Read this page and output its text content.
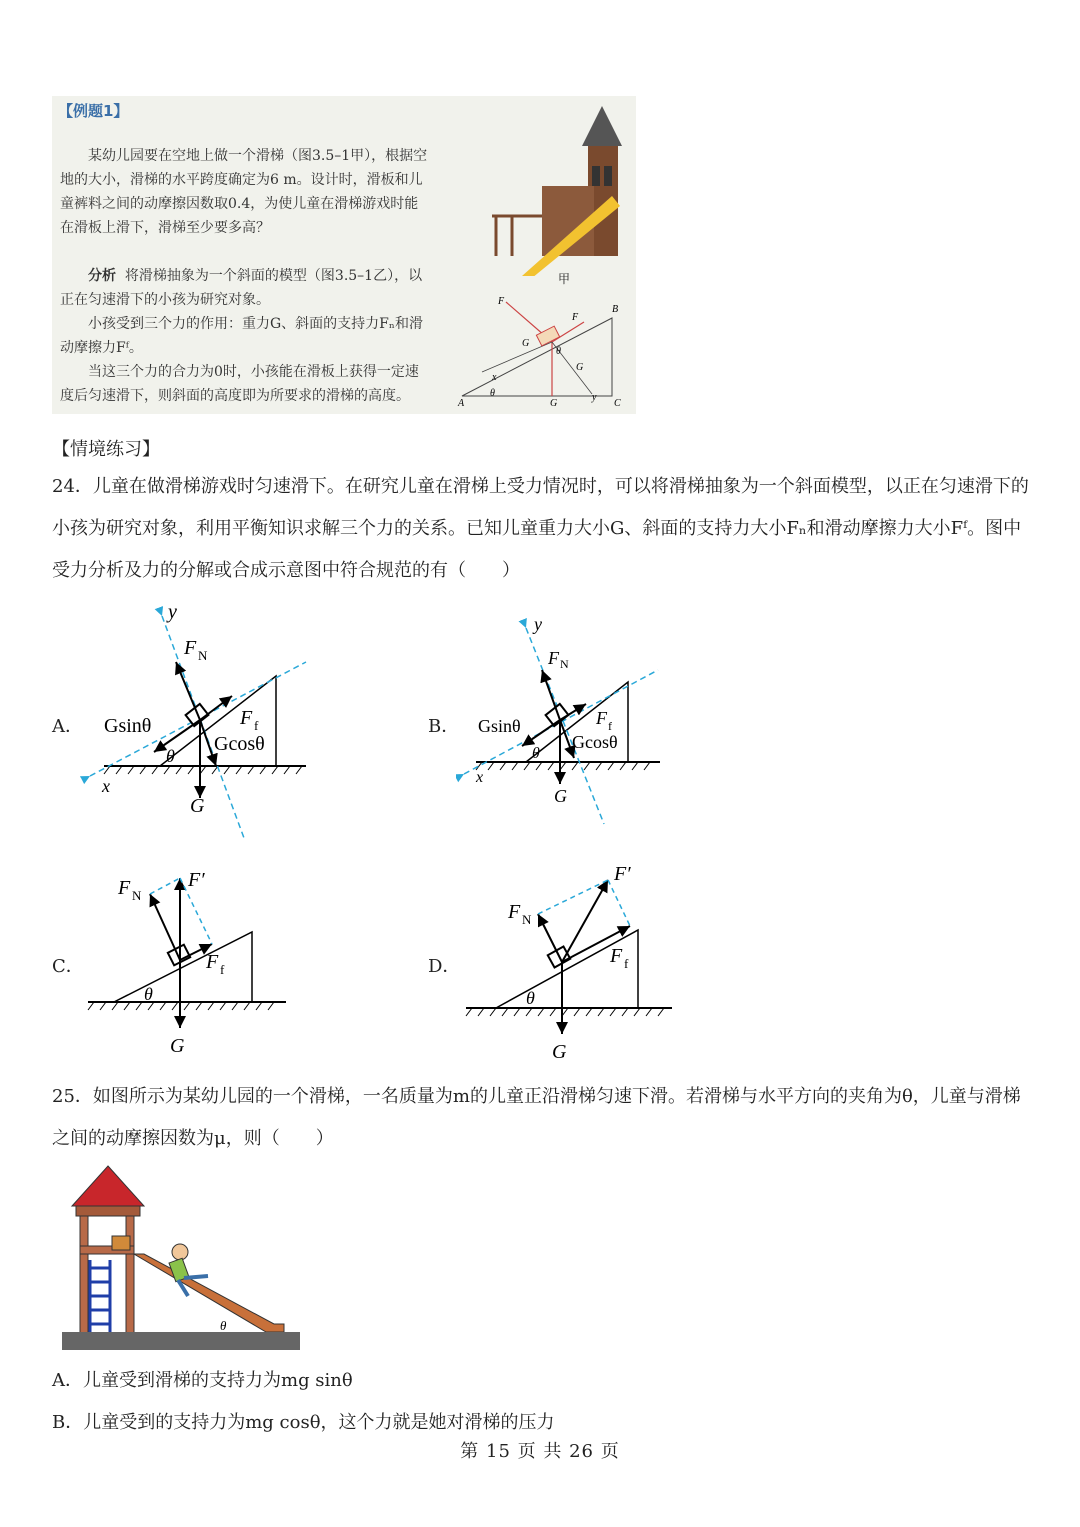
【例题1】
某幼儿园要在空地上做一个滑梯（图3.5–1甲），根据空地的大小，滑梯的水平跨度确定为6 m。设计时，滑板和儿童裤料之间的动摩擦因数取0.4，为使儿童在滑梯游戏时能在滑板上滑下，滑梯至少要多高？
分析 将滑梯抽象为一个斜面的模型（图3.5–1乙），以正在匀速滑下的小孩为研究对象。
小孩受到三个力的作用：重力G、斜面的支持力Fₙ和滑动摩擦力Fᶠ。
当这三个力的合力为0时，小孩能在滑板上获得一定速度后匀速滑下，则斜面的高度即为所要求的滑梯的高度。
甲
B
A	C
G
x
y
θ
θ
F
F
G
G
【情境练习】
24．儿童在做滑梯游戏时匀速滑下。在研究儿童在滑梯上受力情况时，可以将滑梯抽象为一个斜面模型，以正在匀速滑下的小孩为研究对象，利用平衡知识求解三个力的关系。已知儿童重力大小G、斜面的支持力大小Fₙ和滑动摩擦力大小Fᶠ。图中受力分析及力的分解或合成示意图中符合规范的有（　　）
A．	B．
C．	D．
y
x
F N
F f
Gsinθ
Gcosθ
G
θ
y
x
F N
F f
Gsinθ
Gcosθ
G
θ
F N
F′
F f
G
θ
F N
F′
F f
G
θ
25．如图所示为某幼儿园的一个滑梯，一名质量为m的儿童正沿滑梯匀速下滑。若滑梯与水平方向的夹角为θ，儿童与滑梯之间的动摩擦因数为μ，则（　　）
θ
A．儿童受到滑梯的支持力为mg sinθ
B．儿童受到的支持力为mg cosθ，这个力就是她对滑梯的压力
第 15 页 共 26 页
